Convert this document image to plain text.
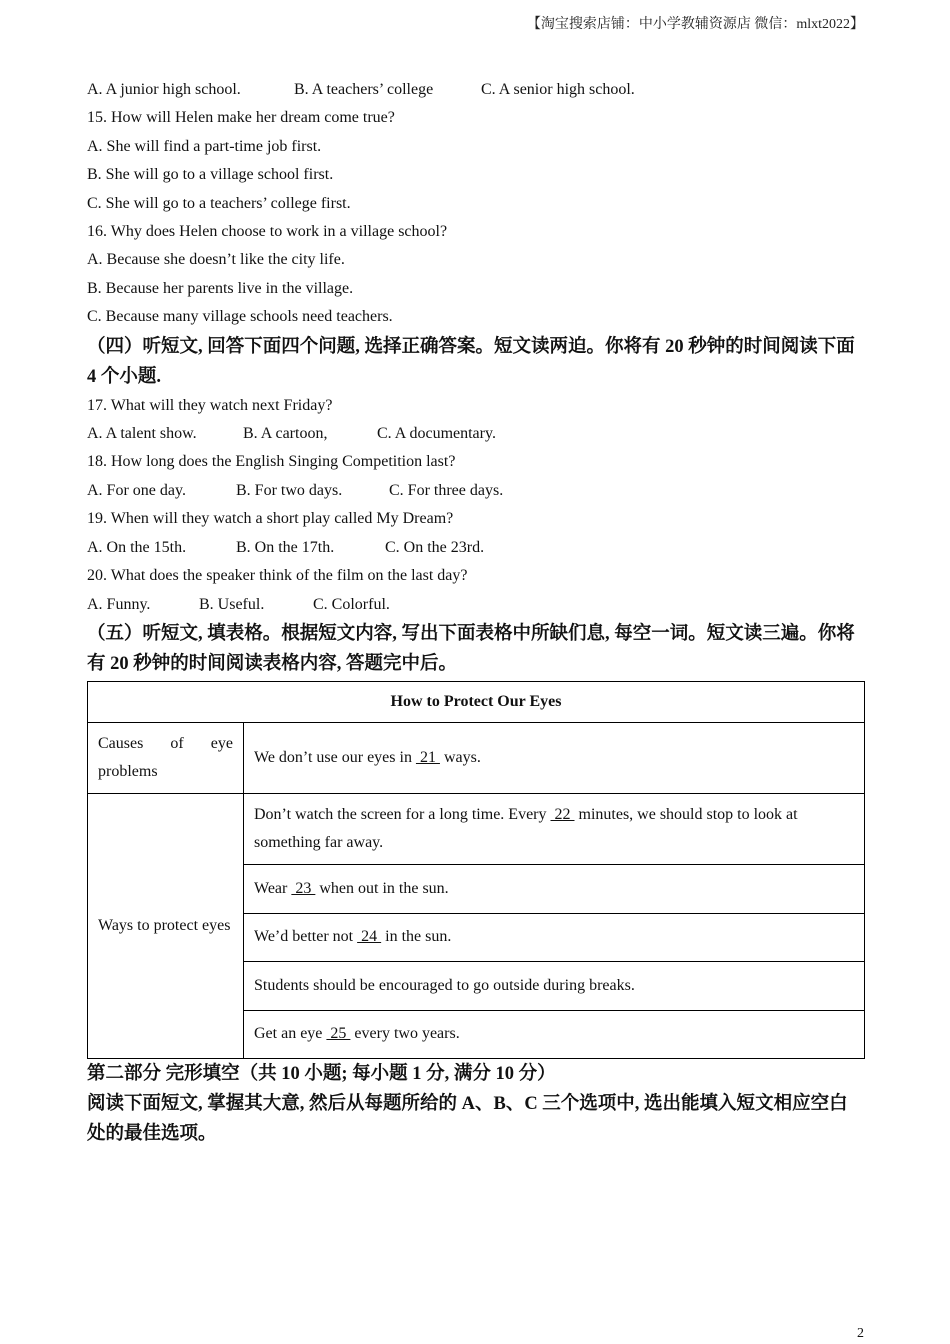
【淘宝搜索店铺：中小学教辅资源店 微信：mlxt2022】
A. A junior high school.	B. A teachers’ college	C. A senior high school.
15. How will Helen make her dream come true?
A. She will find a part-time job first.
B. She will go to a village school first.
C. She will go to a teachers’ college first.
16. Why does Helen choose to work in a village school?
A. Because she doesn’t like the city life.
B. Because her parents live in the village.
C. Because many village schools need teachers.
（四）听短文, 回答下面四个问题, 选择正确答案。短文读两迫。你将有 20 秒钟的时间阅读下面 4 个小题.
17. What will they watch next Friday?
A. A talent show.	B. A cartoon,	C. A documentary.
18. How long does the English Singing Competition last?
A. For one day.	B. For two days.	C. For three days.
19. When will they watch a short play called My Dream?
A. On the 15th.	B. On the 17th.	C. On the 23rd.
20. What does the speaker think of the film on the last day?
A. Funny.	B. Useful.	C. Colorful.
（五）听短文, 填表格。根据短文内容, 写出下面表格中所缺们息, 每空一词。短文读三遍。你将有 20 秒钟的时间阅读表格内容, 答题完中后。
How to Protect Our Eyes	
Causes of eye problems	We don’t use our eyes in  21  ways.
Ways to protect eyes	Don’t watch the screen for a long time. Every  22  minutes, we should stop to look at something far away.
	Wear  23  when out in the sun.
	We’d better not  24  in the sun.
	Students should be encouraged to go outside during breaks.
	Get an eye  25  every two years.
第二部分 完形填空（共 10 小题; 每小题 1 分, 满分 10 分）
阅读下面短文, 掌握其大意, 然后从每题所给的 A、B、C 三个选项中, 选出能填入短文相应空白处的最佳选项。
2
